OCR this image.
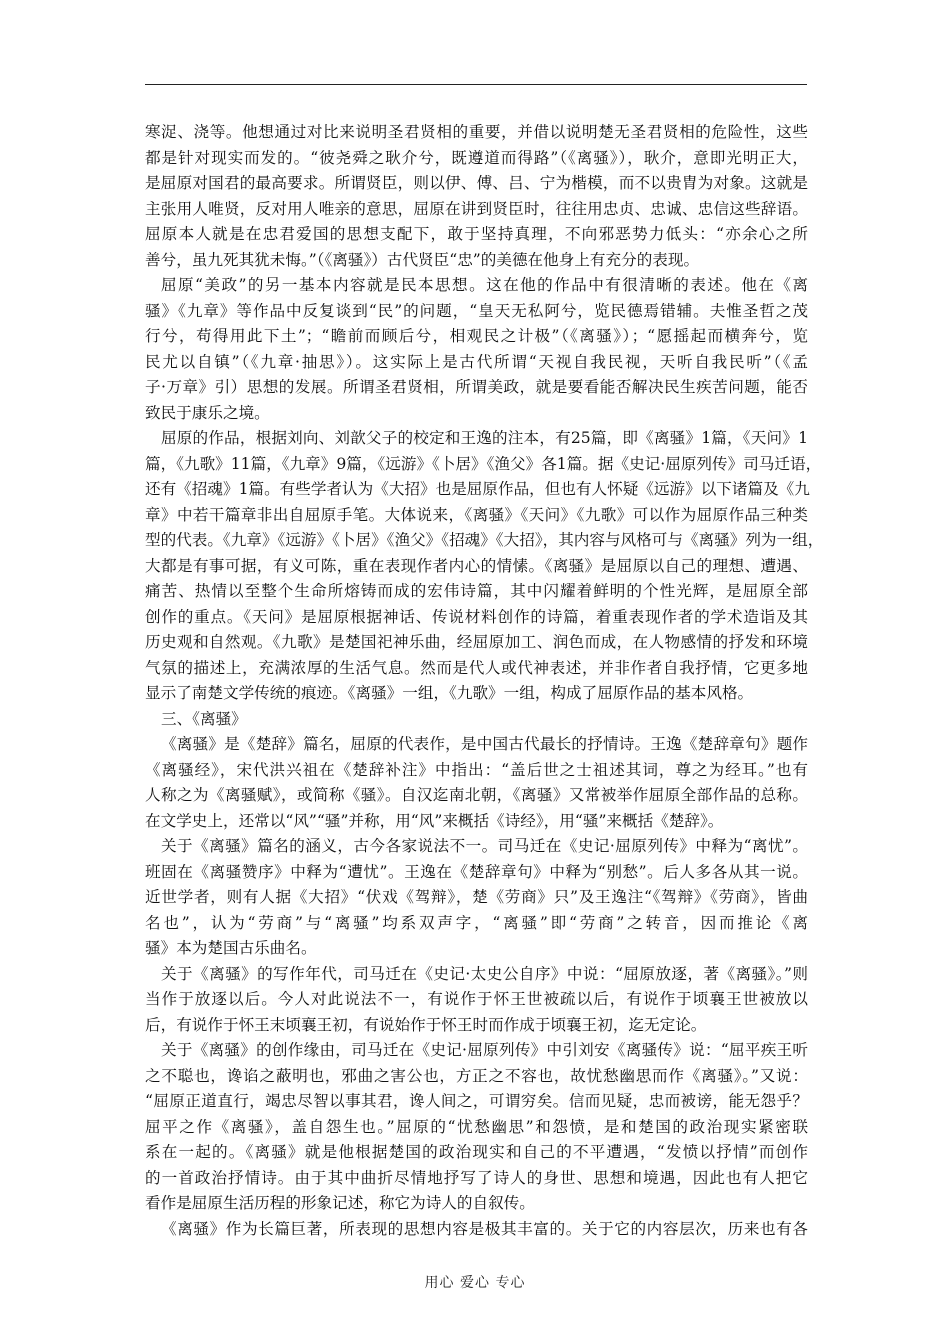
寒浞、浇等。他想通过对比来说明圣君贤相的重要，并借以说明楚无圣君贤相的危险性，这些
都是针对现实而发的。“彼尧舜之耿介兮，既遵道而得路”（《离骚》），耿介，意即光明正大，
是屈原对国君的最高要求。所谓贤臣，则以伊、傅、吕、宁为楷模，而不以贵胄为对象。这就是
主张用人唯贤，反对用人唯亲的意思，屈原在讲到贤臣时，往往用忠贞、忠诚、忠信这些辞语。
屈原本人就是在忠君爱国的思想支配下，敢于坚持真理，不向邪恶势力低头：“亦余心之所
善兮，虽九死其犹未悔。”（《离骚》）古代贤臣“忠”的美德在他身上有充分的表现。
屈原“美政”的另一基本内容就是民本思想。这在他的作品中有很清晰的表述。他在《离
骚》《九章》等作品中反复谈到“民”的问题，“皇天无私阿兮，览民德焉错辅。夫惟圣哲之茂
行兮，苟得用此下土”；“瞻前而顾后兮，相观民之计极”（《离骚》）；“愿摇起而横奔兮，览
民尤以自镇”（《九章·抽思》）。这实际上是古代所谓“天视自我民视，天听自我民听”（《孟
子·万章》引）思想的发展。所谓圣君贤相，所谓美政，就是要看能否解决民生疾苦问题，能否
致民于康乐之境。
屈原的作品，根据刘向、刘歆父子的校定和王逸的注本，有25篇，即《离骚》1篇，《天问》1
篇，《九歌》11篇，《九章》9篇，《远游》《卜居》《渔父》各1篇。据《史记·屈原列传》司马迁语，
还有《招魂》1篇。有些学者认为《大招》也是屈原作品，但也有人怀疑《远游》以下诸篇及《九
章》中若干篇章非出自屈原手笔。大体说来，《离骚》《天问》《九歌》可以作为屈原作品三种类
型的代表。《九章》《远游》《卜居》《渔父》《招魂》《大招》，其内容与风格可与《离骚》列为一组，
大都是有事可据，有义可陈，重在表现作者内心的情愫。《离骚》是屈原以自己的理想、遭遇、
痛苦、热情以至整个生命所熔铸而成的宏伟诗篇，其中闪耀着鲜明的个性光辉，是屈原全部
创作的重点。《天问》是屈原根据神话、传说材料创作的诗篇，着重表现作者的学术造诣及其
历史观和自然观。《九歌》是楚国祀神乐曲，经屈原加工、润色而成，在人物感情的抒发和环境
气氛的描述上，充满浓厚的生活气息。然而是代人或代神表述，并非作者自我抒情，它更多地
显示了南楚文学传统的痕迹。《离骚》一组，《九歌》一组，构成了屈原作品的基本风格。
三、《离骚》
《离骚》是《楚辞》篇名，屈原的代表作，是中国古代最长的抒情诗。王逸《楚辞章句》题作
《离骚经》，宋代洪兴祖在《楚辞补注》中指出：“盖后世之士祖述其词，尊之为经耳。”也有
人称之为《离骚赋》，或简称《骚》。自汉迄南北朝，《离骚》又常被举作屈原全部作品的总称。
在文学史上，还常以“风”“骚”并称，用“风”来概括《诗经》，用“骚”来概括《楚辞》。
关于《离骚》篇名的涵义，古今各家说法不一。司马迁在《史记·屈原列传》中释为“离忧”。
班固在《离骚赞序》中释为“遭忧”。王逸在《楚辞章句》中释为“别愁”。后人多各从其一说。
近世学者，则有人据《大招》“伏戏《驾辩》，楚《劳商》只”及王逸注“《驾辩》《劳商》，皆曲
名也”，认为“劳商”与“离骚”均系双声字，“离骚”即“劳商”之转音，因而推论《离
骚》本为楚国古乐曲名。
关于《离骚》的写作年代，司马迁在《史记·太史公自序》中说：“屈原放逐，著《离骚》。”则
当作于放逐以后。今人对此说法不一，有说作于怀王世被疏以后，有说作于顷襄王世被放以
后，有说作于怀王末顷襄王初，有说始作于怀王时而作成于顷襄王初，迄无定论。
关于《离骚》的创作缘由，司马迁在《史记·屈原列传》中引刘安《离骚传》说：“屈平疾王听
之不聪也，谗谄之蔽明也，邪曲之害公也，方正之不容也，故忧愁幽思而作《离骚》。”又说：
“屈原正道直行，竭忠尽智以事其君，谗人间之，可谓穷矣。信而见疑，忠而被谤，能无怨乎？
屈平之作《离骚》，盖自怨生也。”屈原的“忧愁幽思”和怨愤，是和楚国的政治现实紧密联
系在一起的。《离骚》就是他根据楚国的政治现实和自己的不平遭遇，“发愤以抒情”而创作
的一首政治抒情诗。由于其中曲折尽情地抒写了诗人的身世、思想和境遇，因此也有人把它
看作是屈原生活历程的形象记述，称它为诗人的自叙传。
《离骚》作为长篇巨著，所表现的思想内容是极其丰富的。关于它的内容层次，历来也有各
用心 爱心 专心
